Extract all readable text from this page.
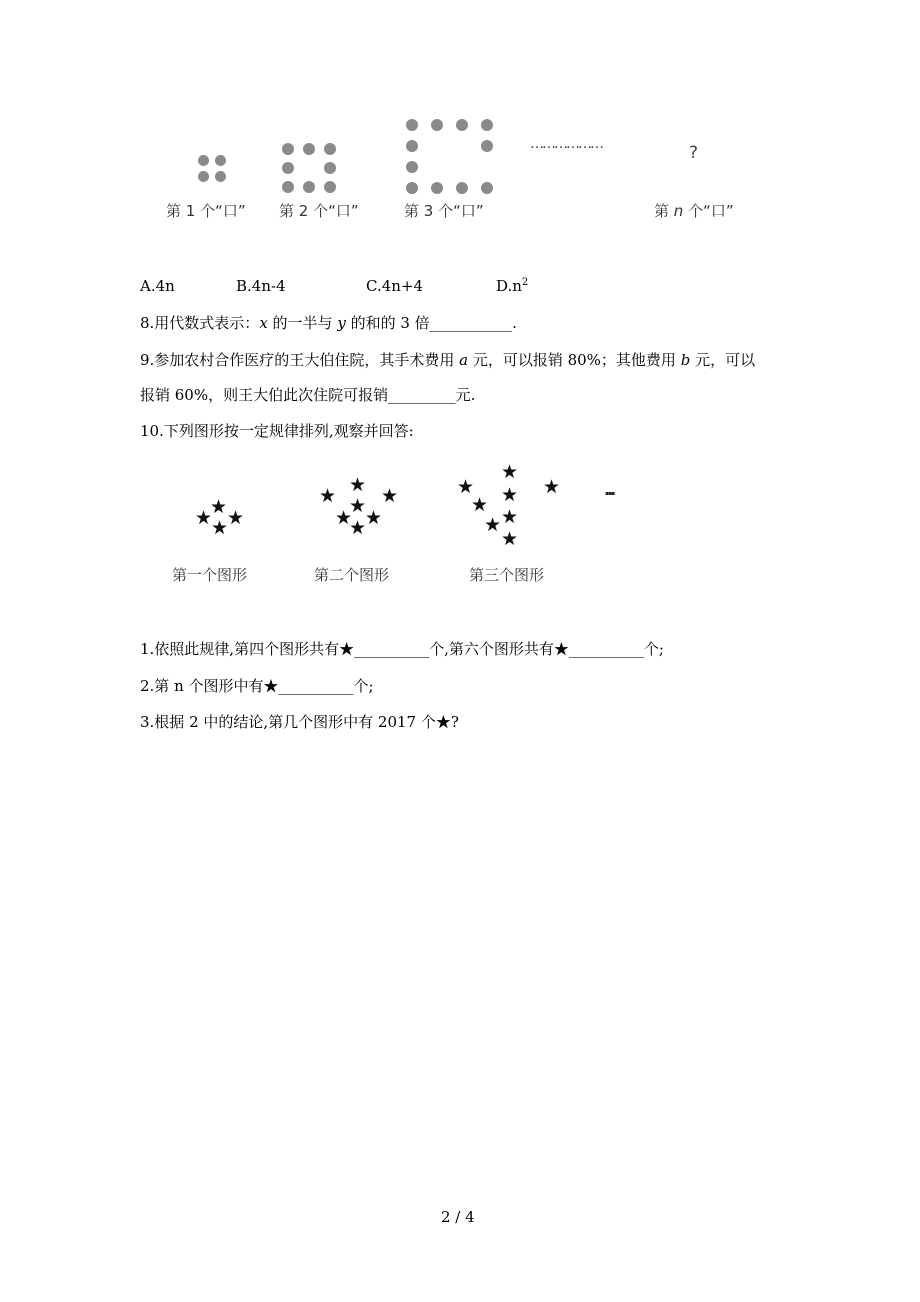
………………	?
第 1 个“口” 第 2 个“口”	第 3 个“口”	第 n 个“口”
A.4n	B.4n-4	C.4n+4	$D.n^2$
8.用代数式表示：x 的一半与 y 的和的 3 倍___________.
9.参加农村合作医疗的王大伯住院，其手术费用 a 元，可以报销 80%；其他费用 b 元，可以
报销 60%，则王大伯此次住院可报销_________元.
10.下列图形按一定规律排列,观察并回答:
★
★ ★
★
★
★ ★
★
★ ★
★
★
★	★
★
★
★
★
★
···
第一个图形	第二个图形	第三个图形
1.依照此规律,第四个图形共有★__________个,第六个图形共有★__________个;
2.第 n 个图形中有★__________个;
3.根据 2 中的结论,第几个图形中有 2017 个★?
2 / 4
